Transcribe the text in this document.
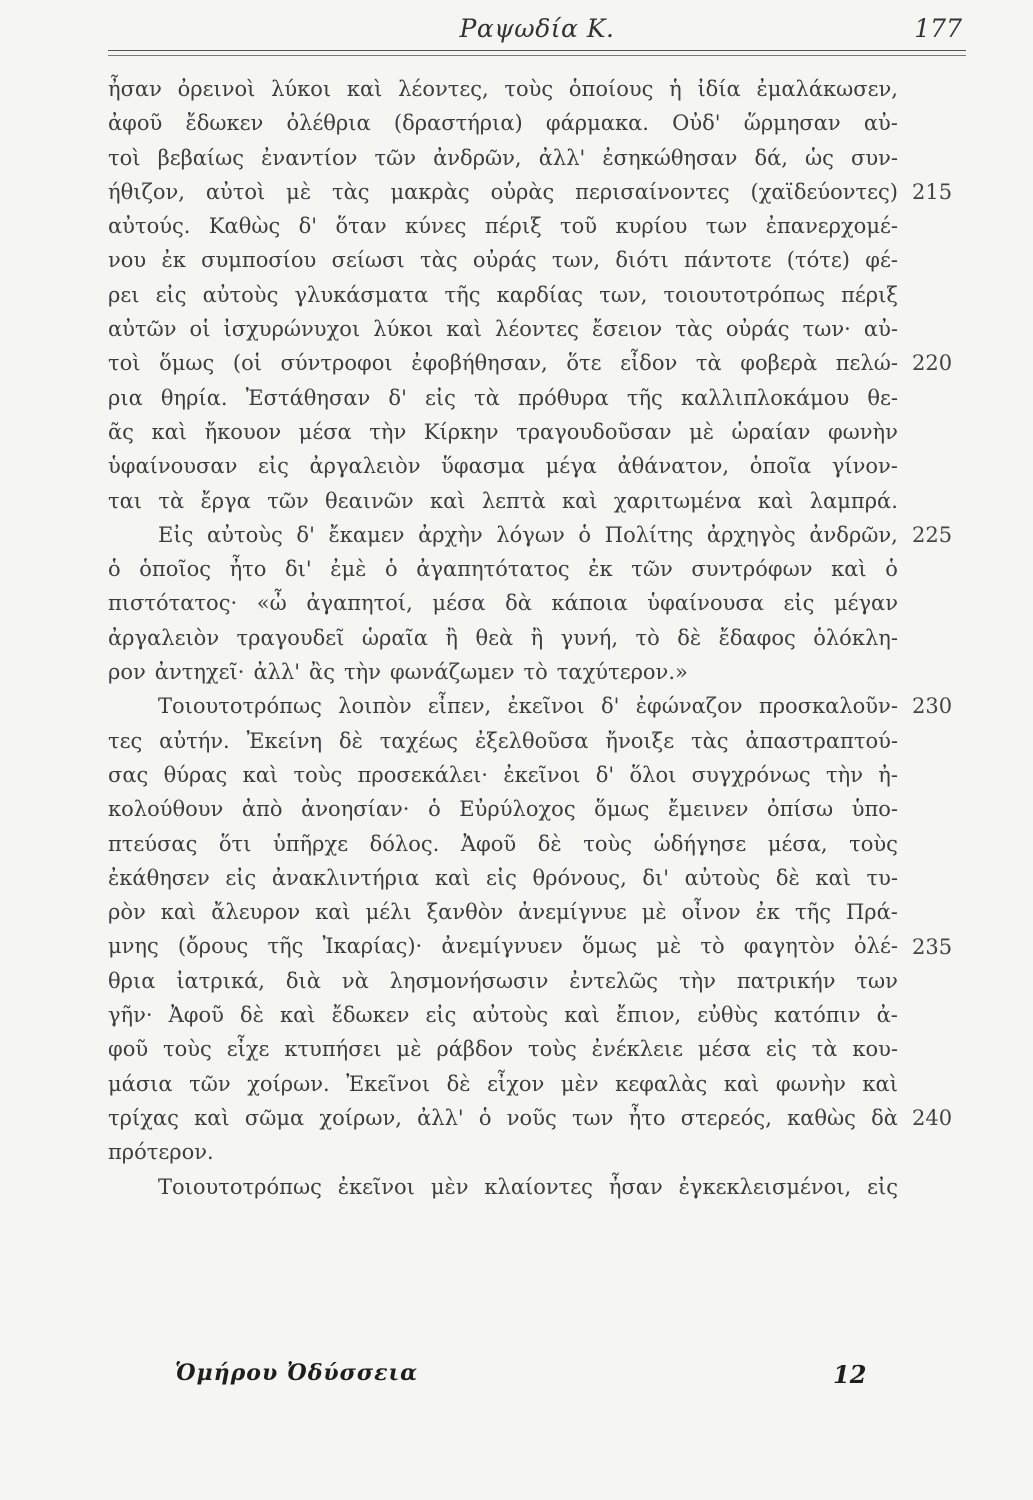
Ραψωδία Κ.	177
ἦσαν ὀρεινοὶ λύκοι καὶ λέοντες, τοὺς ὁποίους ἡ ἰδία ἐμαλάκωσεν,
ἀφοῦ ἔδωκεν ὀλέθρια (δραστήρια) φάρμακα. Οὐδ' ὥρμησαν αὐ-
τοὶ βεβαίως ἐναντίον τῶν ἀνδρῶν, ἀλλ' ἐσηκώθησαν δά, ὡς συν-
ήθιζον, αὐτοὶ μὲ τὰς μακρὰς οὐρὰς περισαίνοντες (χαϊδεύοντες)
αὐτούς. Καθὼς δ' ὅταν κύνες πέριξ τοῦ κυρίου των ἐπανερχομέ-
νου ἐκ συμποσίου σείωσι τὰς οὐράς των, διότι πάντοτε (τότε) φέ-
ρει εἰς αὐτοὺς γλυκάσματα τῆς καρδίας των, τοιουτοτρόπως πέριξ
αὐτῶν οἱ ἰσχυρώνυχοι λύκοι καὶ λέοντες ἔσειον τὰς οὐράς των· αὐ-
τοὶ ὅμως (οἱ σύντροφοι ἐφοβήθησαν, ὅτε εἶδον τὰ φοβερὰ πελώ-
ρια θηρία. Ἐστάθησαν δ' εἰς τὰ πρόθυρα τῆς καλλιπλοκάμου θε-
ᾶς καὶ ἤκουον μέσα τὴν Κίρκην τραγουδοῦσαν μὲ ὡραίαν φωνὴν
ὑφαίνουσαν εἰς ἀργαλειὸν ὕφασμα μέγα ἀθάνατον, ὁποῖα γίνον-
ται τὰ ἔργα τῶν θεαινῶν καὶ λεπτὰ καὶ χαριτωμένα καὶ λαμπρά.
Εἰς αὐτοὺς δ' ἔκαμεν ἀρχὴν λόγων ὁ Πολίτης ἀρχηγὸς ἀνδρῶν,
ὁ ὁποῖος ἦτο δι' ἐμὲ ὁ ἀγαπητότατος ἐκ τῶν συντρόφων καὶ ὁ
πιστότατος· «ὦ ἀγαπητοί, μέσα δὰ κάποια ὑφαίνουσα εἰς μέγαν
ἀργαλειὸν τραγουδεῖ ὡραῖα ἢ θεὰ ἢ γυνή, τὸ δὲ ἔδαφος ὁλόκλη-
ρον ἀντηχεῖ· ἀλλ' ἂς τὴν φωνάζωμεν τὸ ταχύτερον.»
Τοιουτοτρόπως λοιπὸν εἶπεν, ἐκεῖνοι δ' ἐφώναζον προσκαλοῦν-
τες αὐτήν. Ἐκείνη δὲ ταχέως ἐξελθοῦσα ἤνοιξε τὰς ἀπαστραπτού-
σας θύρας καὶ τοὺς προσεκάλει· ἐκεῖνοι δ' ὅλοι συγχρόνως τὴν ἠ-
κολούθουν ἀπὸ ἀνοησίαν· ὁ Εὐρύλοχος ὅμως ἔμεινεν ὀπίσω ὑπο-
πτεύσας ὅτι ὑπῆρχε δόλος. Ἀφοῦ δὲ τοὺς ὡδήγησε μέσα, τοὺς
ἐκάθησεν εἰς ἀνακλιντήρια καὶ εἰς θρόνους, δι' αὐτοὺς δὲ καὶ τυ-
ρὸν καὶ ἄλευρον καὶ μέλι ξανθὸν ἀνεμίγνυε μὲ οἶνον ἐκ τῆς Πρά-
μνης (ὄρους τῆς Ἰκαρίας)· ἀνεμίγνυεν ὅμως μὲ τὸ φαγητὸν ὀλέ-
θρια ἰατρικά, διὰ νὰ λησμονήσωσιν ἐντελῶς τὴν πατρικήν των
γῆν· Ἀφοῦ δὲ καὶ ἔδωκεν εἰς αὐτοὺς καὶ ἔπιον, εὐθὺς κατόπιν ἀ-
φοῦ τοὺς εἶχε κτυπήσει μὲ ράβδον τοὺς ἐνέκλειε μέσα εἰς τὰ κου-
μάσια τῶν χοίρων. Ἐκεῖνοι δὲ εἶχον μὲν κεφαλὰς καὶ φωνὴν καὶ
τρίχας καὶ σῶμα χοίρων, ἀλλ' ὁ νοῦς των ἦτο στερεός, καθὼς δὰ
πρότερον.
Τοιουτοτρόπως ἐκεῖνοι μὲν κλαίοντες ἦσαν ἐγκεκλεισμένοι, εἰς
215
220
225
230
235
240
Ὁμήρου Ὀδύσσεια	12
